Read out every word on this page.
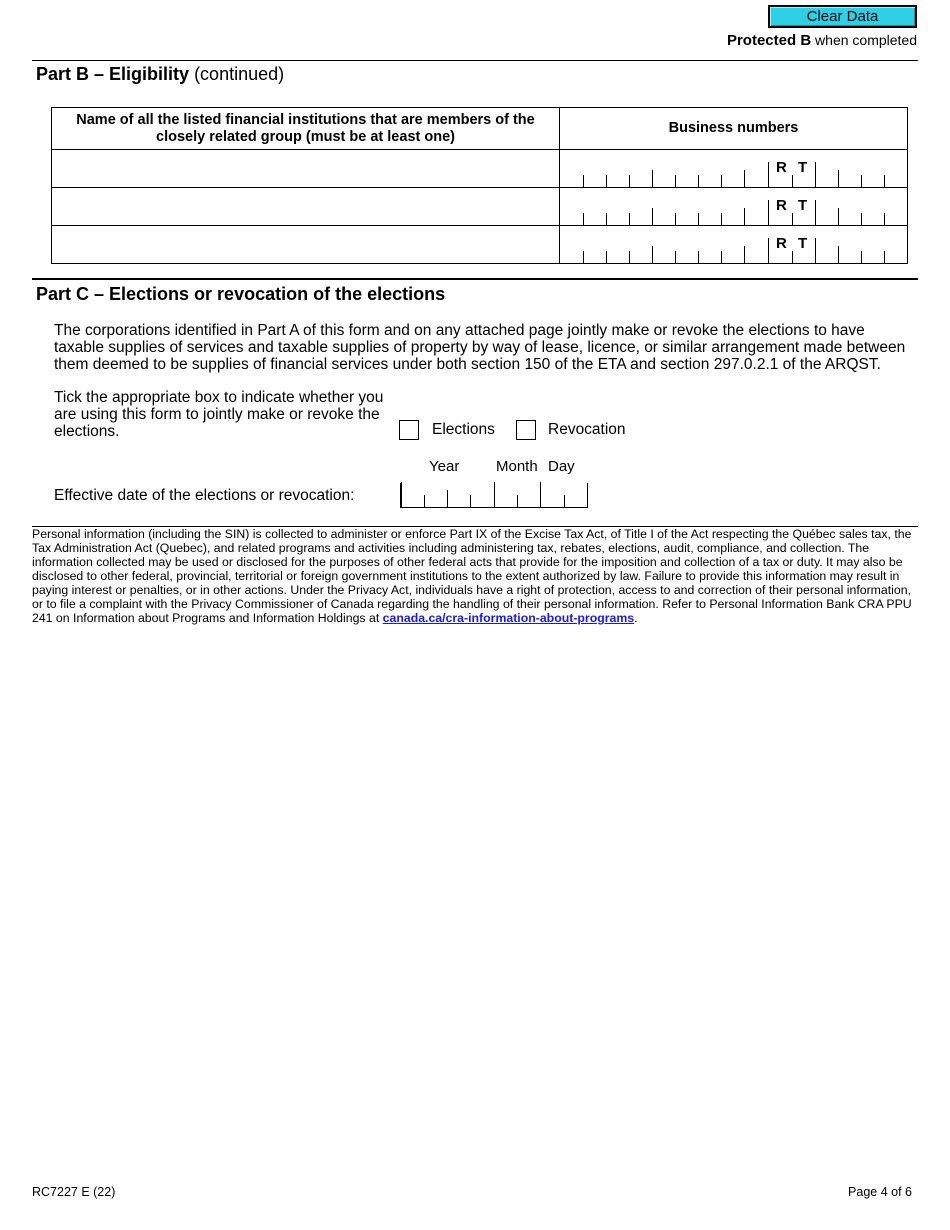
Clear Data
Protected B when completed
Part B – Eligibility (continued)
Name of all the listed financial institutions that are members of the closely related group (must be at least one)	Business numbers

	R T

	R T

	R T
Part C – Elections or revocation of the elections
The corporations identified in Part A of this form and on any attached page jointly make or revoke the elections to have taxable supplies of services and taxable supplies of property by way of lease, licence, or similar arrangement made between them deemed to be supplies of financial services under both section 150 of the ETA and section 297.0.2.1 of the ARQST.
Tick the appropriate box to indicate whether you are using this form to jointly make or revoke the elections.	Elections	Revocation
Year Month Day
Effective date of the elections or revocation:
Personal information (including the SIN) is collected to administer or enforce Part IX of the Excise Tax Act, of Title I of the Act respecting the Québec sales tax, the Tax Administration Act (Quebec), and related programs and activities including administering tax, rebates, elections, audit, compliance, and collection. The information collected may be used or disclosed for the purposes of other federal acts that provide for the imposition and collection of a tax or duty. It may also be disclosed to other federal, provincial, territorial or foreign government institutions to the extent authorized by law. Failure to provide this information may result in paying interest or penalties, or in other actions. Under the Privacy Act, individuals have a right of protection, access to and correction of their personal information, or to file a complaint with the Privacy Commissioner of Canada regarding the handling of their personal information. Refer to Personal Information Bank CRA PPU 241 on Information about Programs and Information Holdings at canada.ca/cra-information-about-programs.
RC7227 E (22)	Page 4 of 6
